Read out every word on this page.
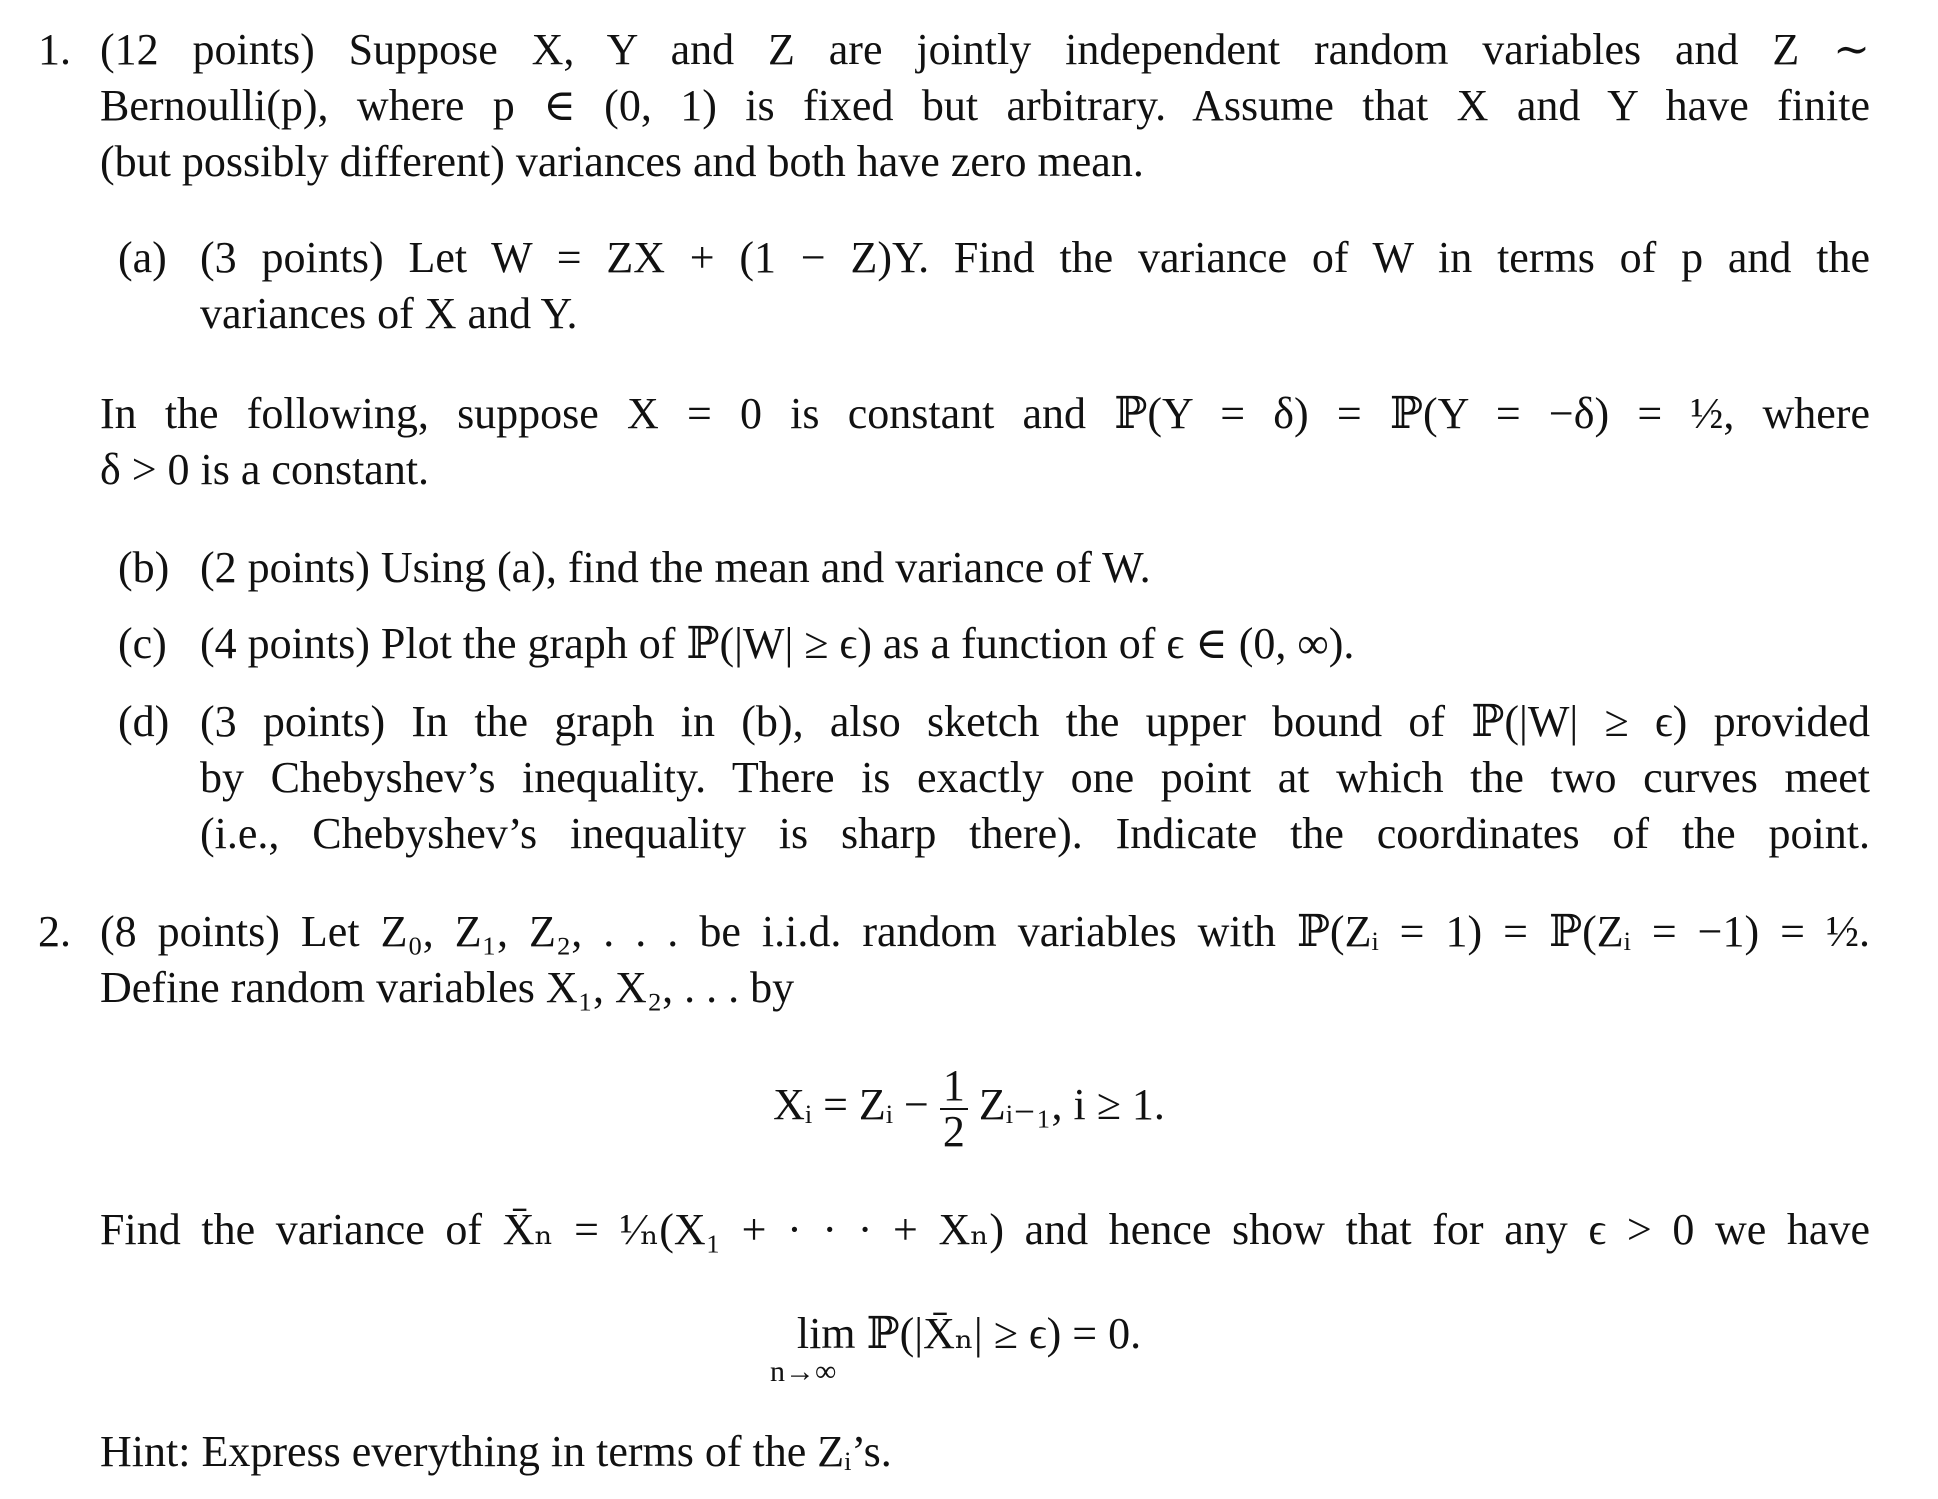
1. (12 points) Suppose X, Y and Z are jointly independent random variables and Z ∼
Bernoulli(p), where p ∈ (0, 1) is fixed but arbitrary. Assume that X and Y have finite
(but possibly different) variances and both have zero mean.
(a) (3 points) Let W = ZX + (1 − Z)Y. Find the variance of W in terms of p and the
variances of X and Y.
In the following, suppose X = 0 is constant and ℙ(Y = δ) = ℙ(Y = −δ) = ½, where
δ > 0 is a constant.
(b) (2 points) Using (a), find the mean and variance of W.
(c) (4 points) Plot the graph of ℙ(|W| ≥ ϵ) as a function of ϵ ∈ (0, ∞).
(d) (3 points) In the graph in (b), also sketch the upper bound of ℙ(|W| ≥ ϵ) provided
by Chebyshev’s inequality. There is exactly one point at which the two curves meet
(i.e., Chebyshev’s inequality is sharp there). Indicate the coordinates of the point.
2. (8 points) Let Z₀, Z₁, Z₂, . . . be i.i.d. random variables with ℙ(Zᵢ = 1) = ℙ(Zᵢ = −1) = ½.
Define random variables X₁, X₂, . . . by
Xᵢ = Zᵢ − $\frac{1}{2}$ Zᵢ₋₁, i ≥ 1.
Find the variance of X̄ₙ = ¹⁄ₙ(X₁ + · · · + Xₙ) and hence show that for any ϵ > 0 we have
lim ℙ(|X̄ₙ| ≥ ϵ) = 0.
n→∞
Hint: Express everything in terms of the Zᵢ’s.
